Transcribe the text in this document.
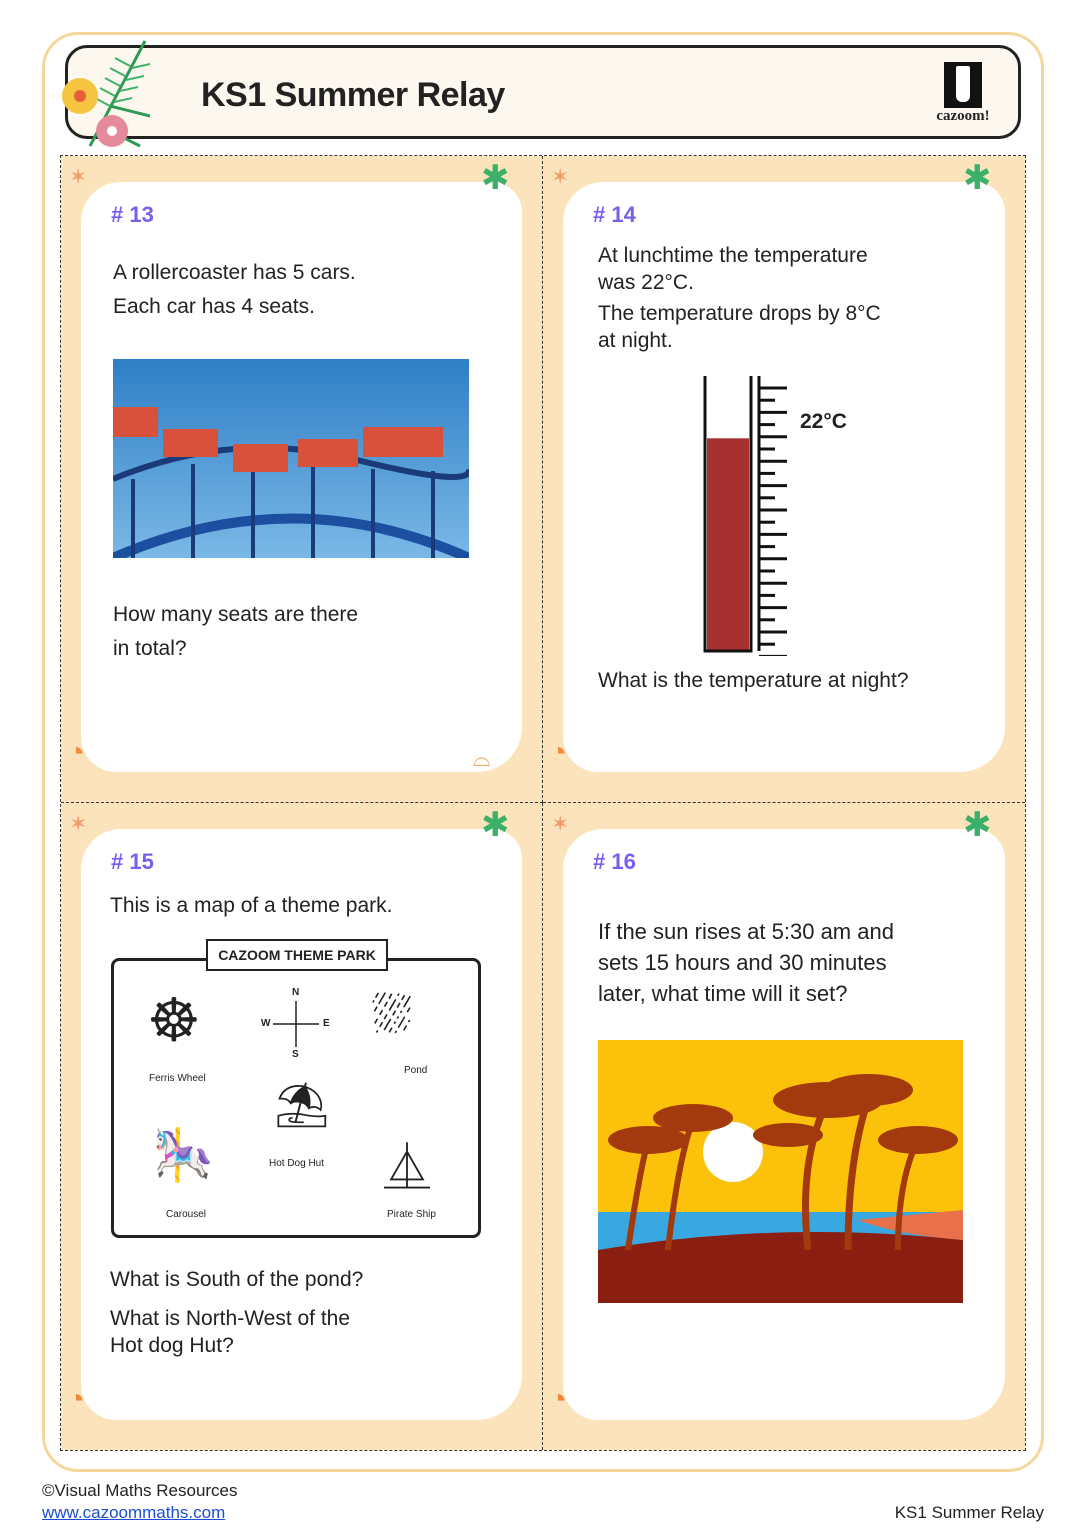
KS1 Summer Relay
cazoom!
✶	✱
◔	⌓
# 13
A rollercoaster has 5 cars.
Each car has 4 seats.
How many seats are there
in total?
✶	✱
◔
# 14
At lunchtime the temperature
was 22°C.
The temperature drops by 8°C
at night.
22°C
What is the temperature at night?
✶	✱
◔
# 15
This is a map of a theme park.
CAZOOM THEME PARK
☸
Ferris Wheel
⛆
Pond
⛱
Hot Dog Hut
🎠
Carousel
⏅
Pirate Ship
N
S
W	E
What is South of the pond?
What is North-West of the
Hot dog Hut?
✶	✱
◔
# 16
If the sun rises at 5:30 am and
sets 15 hours and 30 minutes
later, what time will it set?
©Visual Maths Resources
www.cazoommaths.com	KS1 Summer Relay
